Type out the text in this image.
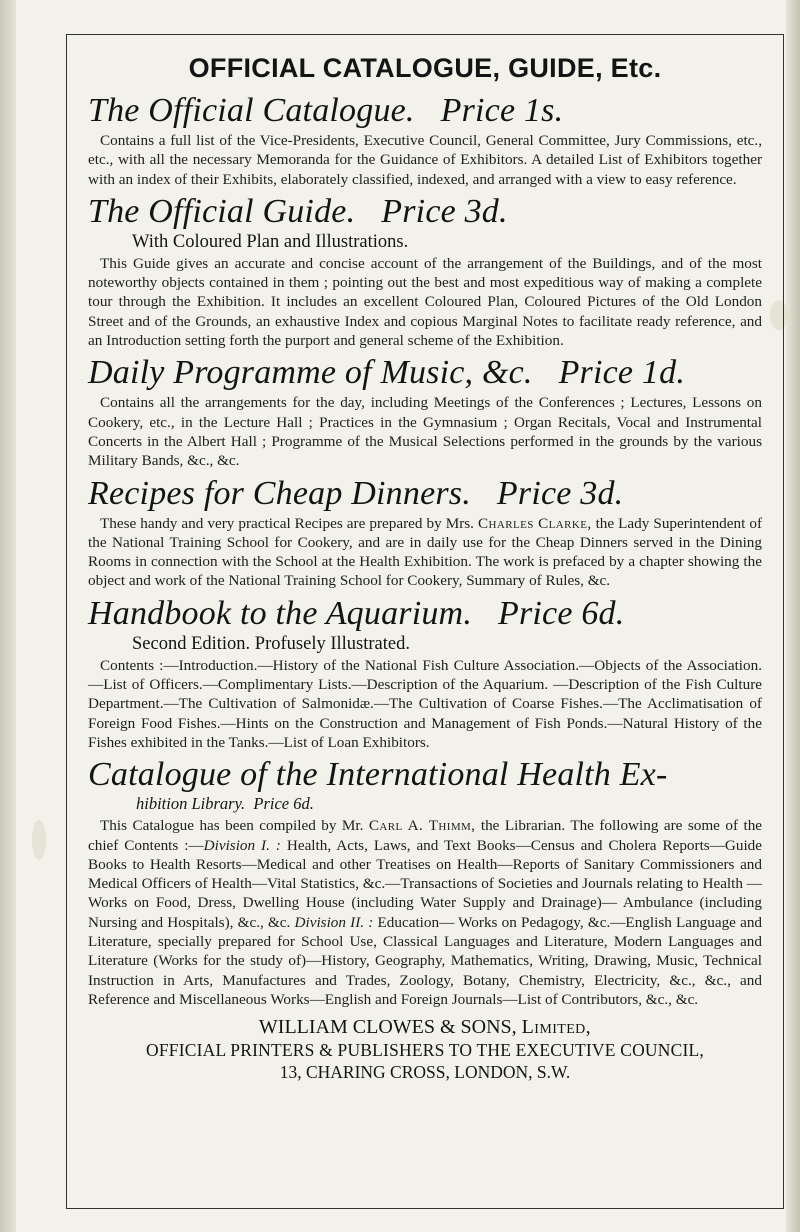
OFFICIAL CATALOGUE, GUIDE, Etc.

The Official Catalogue. Price 1s.

Contains a full list of the Vice-Presidents, Executive Council, General Committee, Jury Commissions, etc., etc., with all the necessary Memoranda for the Guidance of Exhibitors. A detailed List of Exhibitors together with an index of their Exhibits, elaborately classified, indexed, and arranged with a view to easy reference.

The Official Guide. Price 3d.

With Coloured Plan and Illustrations.

This Guide gives an accurate and concise account of the arrangement of the Buildings, and of the most noteworthy objects contained in them ; pointing out the best and most expeditious way of making a complete tour through the Exhibition. It includes an excellent Coloured Plan, Coloured Pictures of the Old London Street and of the Grounds, an exhaustive Index and copious Marginal Notes to facilitate ready reference, and an Introduction setting forth the purport and general scheme of the Exhibition.

Daily Programme of Music, &c. Price 1d.

Contains all the arrangements for the day, including Meetings of the Conferences ; Lectures, Lessons on Cookery, etc., in the Lecture Hall ; Practices in the Gymnasium ; Organ Recitals, Vocal and Instrumental Concerts in the Albert Hall ; Programme of the Musical Selections performed in the grounds by the various Military Bands, &c., &c.

Recipes for Cheap Dinners. Price 3d.

These handy and very practical Recipes are prepared by Mrs. Charles Clarke, the Lady Superintendent of the National Training School for Cookery, and are in daily use for the Cheap Dinners served in the Dining Rooms in connection with the School at the Health Exhibition. The work is prefaced by a chapter showing the object and work of the National Training School for Cookery, Summary of Rules, &c.

Handbook to the Aquarium. Price 6d.

Second Edition. Profusely Illustrated.

Contents :—Introduction.—History of the National Fish Culture Association.—Objects of the Association.—List of Officers.—Complimentary Lists.—Description of the Aquarium. —Description of the Fish Culture Department.—The Cultivation of Salmonidæ.—The Cultivation of Coarse Fishes.—The Acclimatisation of Foreign Food Fishes.—Hints on the Construction and Management of Fish Ponds.—Natural History of the Fishes exhibited in the Tanks.—List of Loan Exhibitors.

Catalogue of the International Health Ex-

hibition Library. Price 6d.

This Catalogue has been compiled by Mr. Carl A. Thimm, the Librarian. The following are some of the chief Contents :—Division I. : Health, Acts, Laws, and Text Books—Census and Cholera Reports—Guide Books to Health Resorts—Medical and other Treatises on Health—Reports of Sanitary Commissioners and Medical Officers of Health—Vital Statistics, &c.—Transactions of Societies and Journals relating to Health —Works on Food, Dress, Dwelling House (including Water Supply and Drainage)— Ambulance (including Nursing and Hospitals), &c., &c. Division II. : Education— Works on Pedagogy, &c.—English Language and Literature, specially prepared for School Use, Classical Languages and Literature, Modern Languages and Literature (Works for the study of)—History, Geography, Mathematics, Writing, Drawing, Music, Technical Instruction in Arts, Manufactures and Trades, Zoology, Botany, Chemistry, Electricity, &c., &c., and Reference and Miscellaneous Works—English and Foreign Journals—List of Contributors, &c., &c.

WILLIAM CLOWES & SONS, Limited,
OFFICIAL PRINTERS & PUBLISHERS TO THE EXECUTIVE COUNCIL,
13, CHARING CROSS, LONDON, S.W.
